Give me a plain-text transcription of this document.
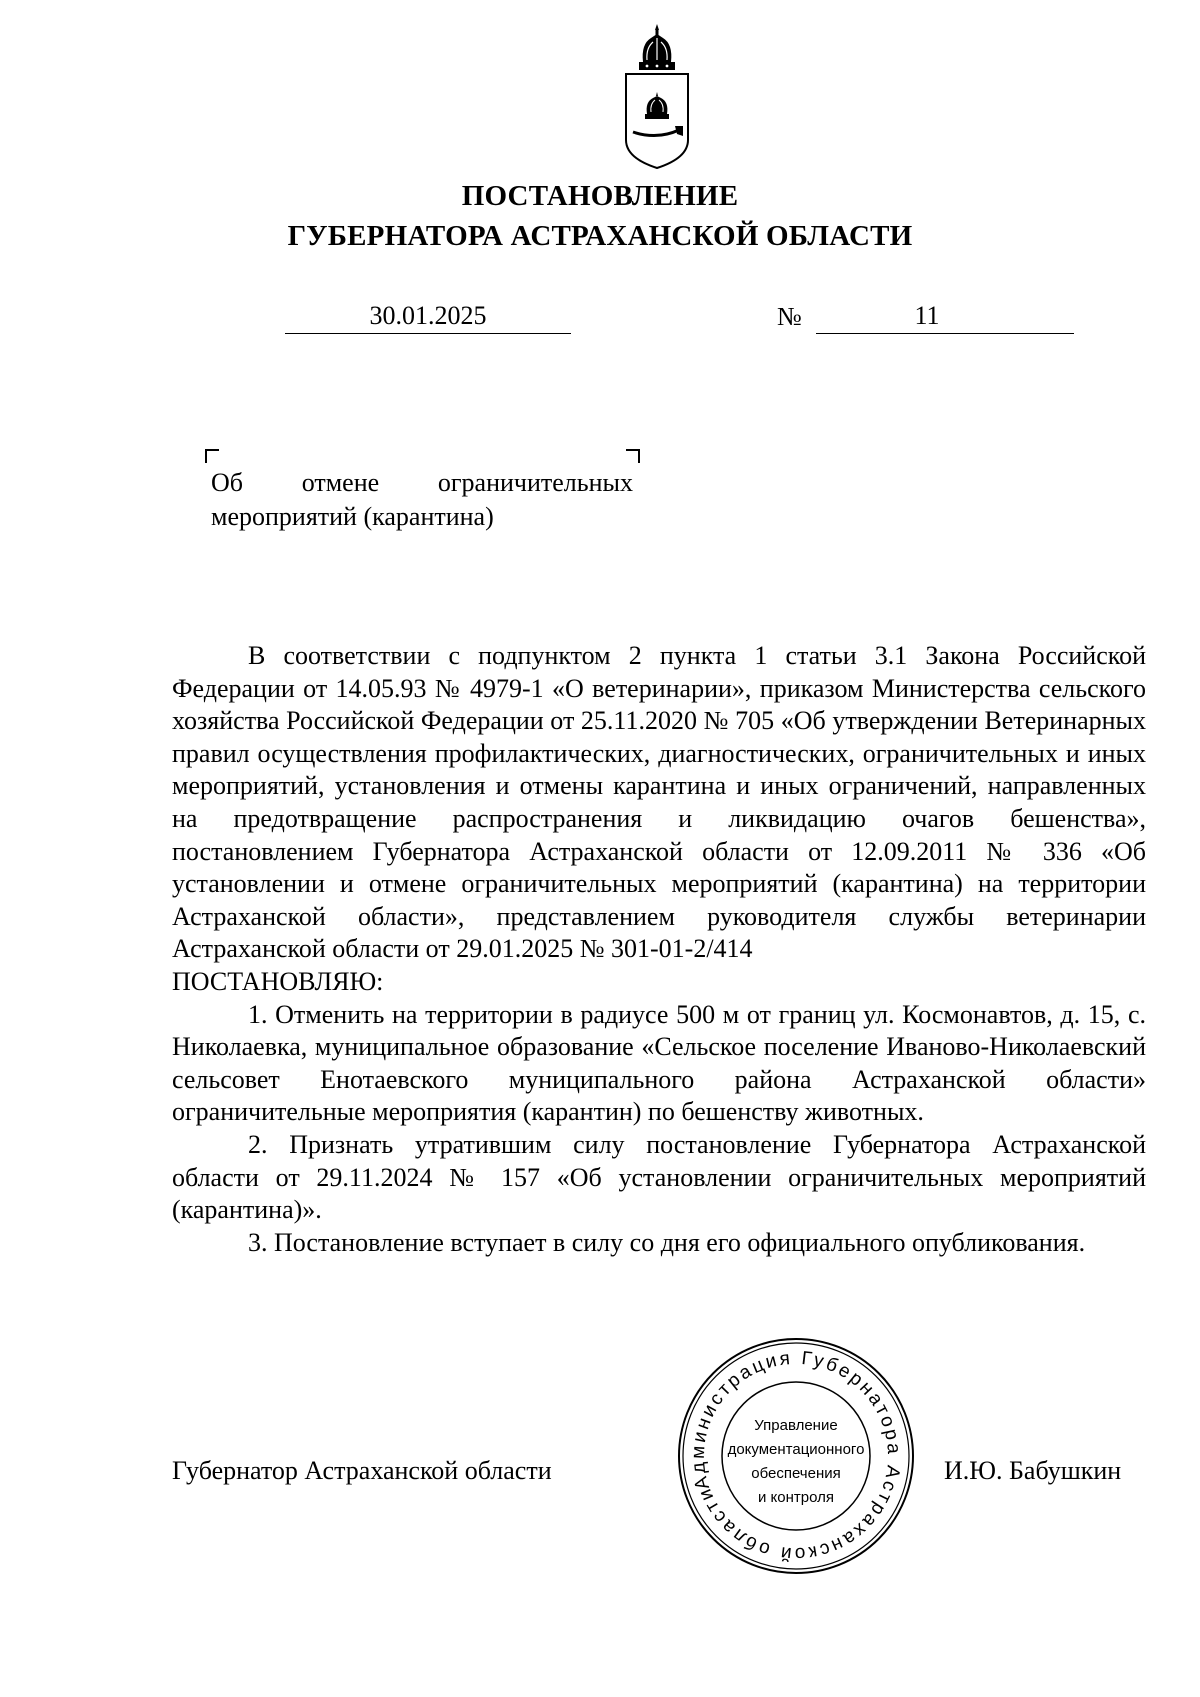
ПОСТАНОВЛЕНИЕ
ГУБЕРНАТОРА АСТРАХАНСКОЙ ОБЛАСТИ
30.01.2025	№	11
Об отмене ограничительных
мероприятий (карантина)

В соответствии с подпунктом 2 пункта 1 статьи 3.1 Закона Российской Федерации от 14.05.93 № 4979-1 «О ветеринарии», приказом Министерства сельского хозяйства Российской Федерации от 25.11.2020 № 705 «Об утверждении Ветеринарных правил осуществления профилактических, диагностических, ограничительных и иных мероприятий, установления и отмены карантина и иных ограничений, направленных на предотвращение распространения и ликвидацию очагов бешенства», постановлением Губернатора Астраханской области от 12.09.2011 № 336 «Об установлении и отмене ограничительных мероприятий (карантина) на территории Астраханской области», представлением руководителя службы ветеринарии Астраханской области от 29.01.2025 № 301-01-2/414

ПОСТАНОВЛЯЮ:

1. Отменить на территории в радиусе 500 м от границ ул. Космонавтов, д. 15, с. Николаевка, муниципальное образование «Сельское поселение Иваново-Николаевский сельсовет Енотаевского муниципального района Астраханской области» ограничительные мероприятия (карантин) по бешенству животных.

2. Признать утратившим силу постановление Губернатора Астраханской области от 29.11.2024 № 157 «Об установлении ограничительных мероприятий (карантина)».

3. Постановление вступает в силу со дня его официального опубликования.

Администрация Губернатора Астраханской области
Управление
документационного
обеспечения
и контроля
Губернатор Астраханской области	И.Ю. Бабушкин
